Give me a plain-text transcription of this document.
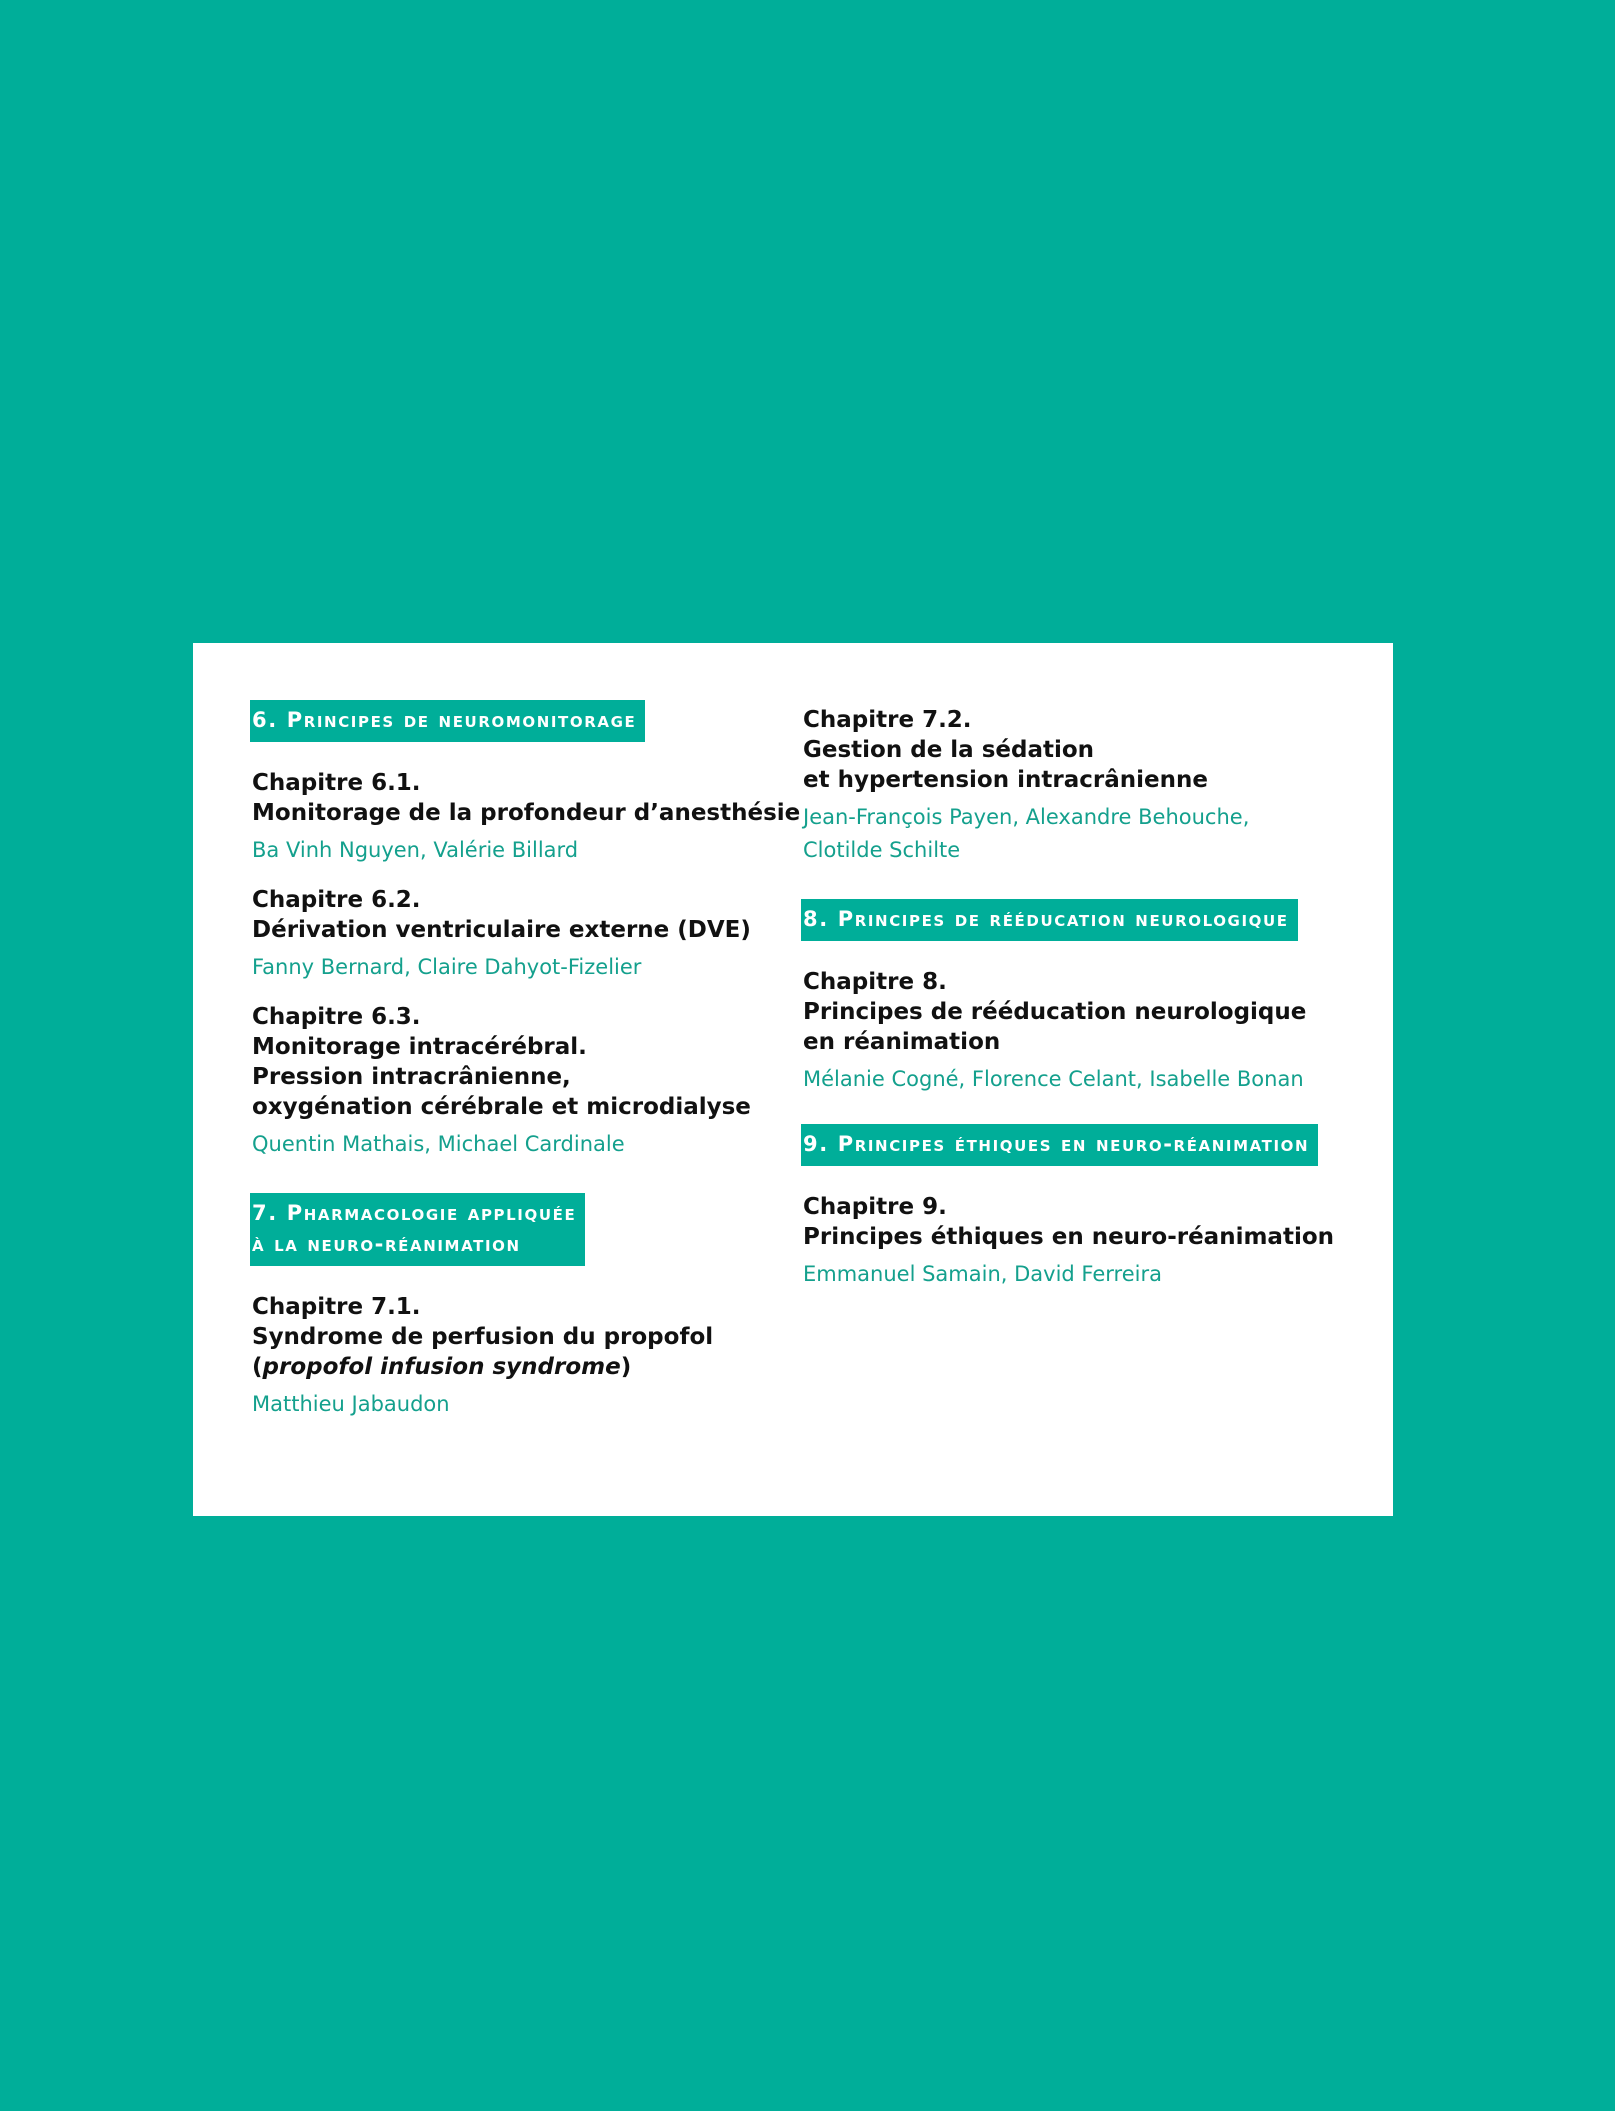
6. Principes de neuromonitorage
Chapitre 6.1.
Monitorage de la profondeur d’anesthésie
Ba Vinh Nguyen, Valérie Billard
Chapitre 6.2.
Dérivation ventriculaire externe (DVE)
Fanny Bernard, Claire Dahyot-Fizelier
Chapitre 6.3.
Monitorage intracérébral.
Pression intracrânienne,
oxygénation cérébrale et microdialyse
Quentin Mathais, Michael Cardinale
7. Pharmacologie appliquée
à la neuro-réanimation
Chapitre 7.1.
Syndrome de perfusion du propofol
(propofol infusion syndrome)
Matthieu Jabaudon
Chapitre 7.2.
Gestion de la sédation
et hypertension intracrânienne
Jean-François Payen, Alexandre Behouche,
Clotilde Schilte
8. Principes de rééducation neurologique
Chapitre 8.
Principes de rééducation neurologique
en réanimation
Mélanie Cogné, Florence Celant, Isabelle Bonan
9. Principes éthiques en neuro-réanimation
Chapitre 9.
Principes éthiques en neuro-réanimation
Emmanuel Samain, David Ferreira
